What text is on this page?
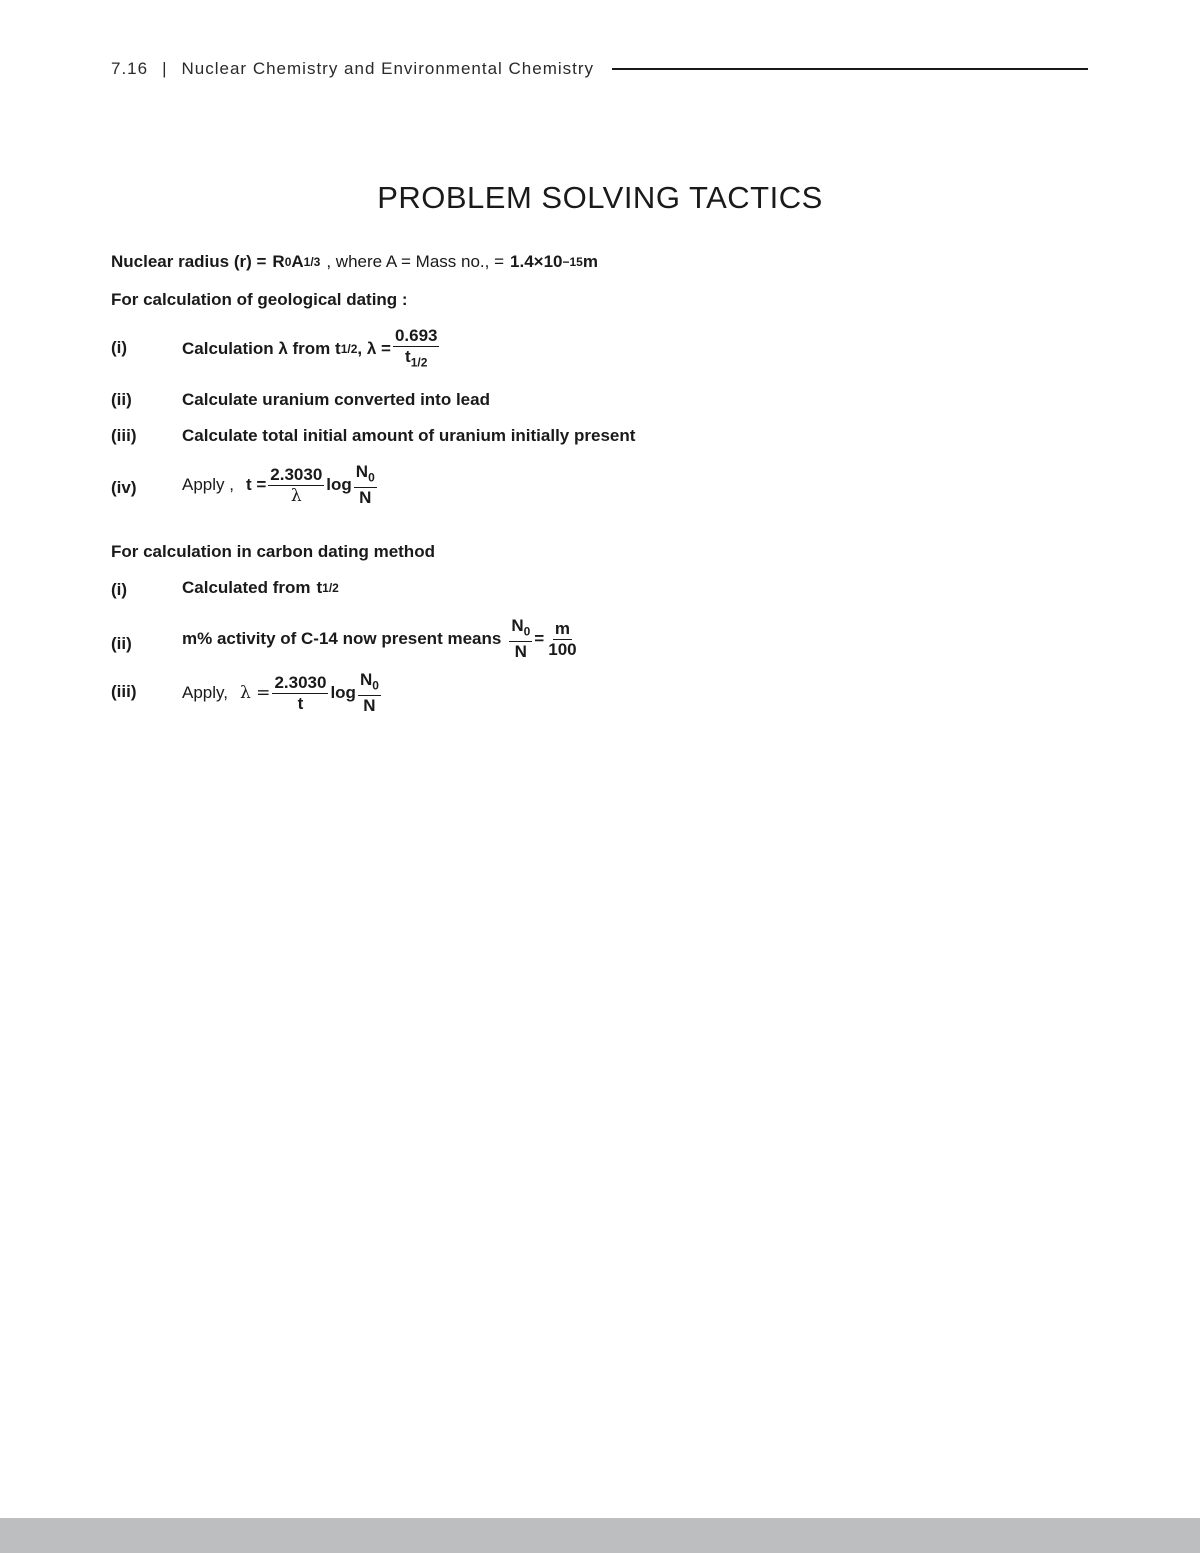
7.16 | Nuclear Chemistry and Environmental Chemistry
PROBLEM SOLVING TACTICS
Nuclear radius (r) = R 0 A 1/3 , where A = Mass no., = 1.4×10 −15 m
For calculation of geological dating :
(i)	Calculation λ from t 1/2 , $\lambda = \frac{0.693}{t_{1/2}}$
(ii)	Calculate uranium converted into lead
(iii)	Calculate total initial amount of uranium initially present
(iv)	Apply , $t = \frac{2.3030}{\lambda}$ $\log \frac{N_0}{N}$
For calculation in carbon dating method
(i)	Calculated from t 1/2
(ii)	m% activity of C-14 now present means $\frac{N_0}{N} = \frac{m}{100}$
(iii)	Apply, $\lambda = \frac{2.3030}{t}$ $\log \frac{N_0}{N}$
